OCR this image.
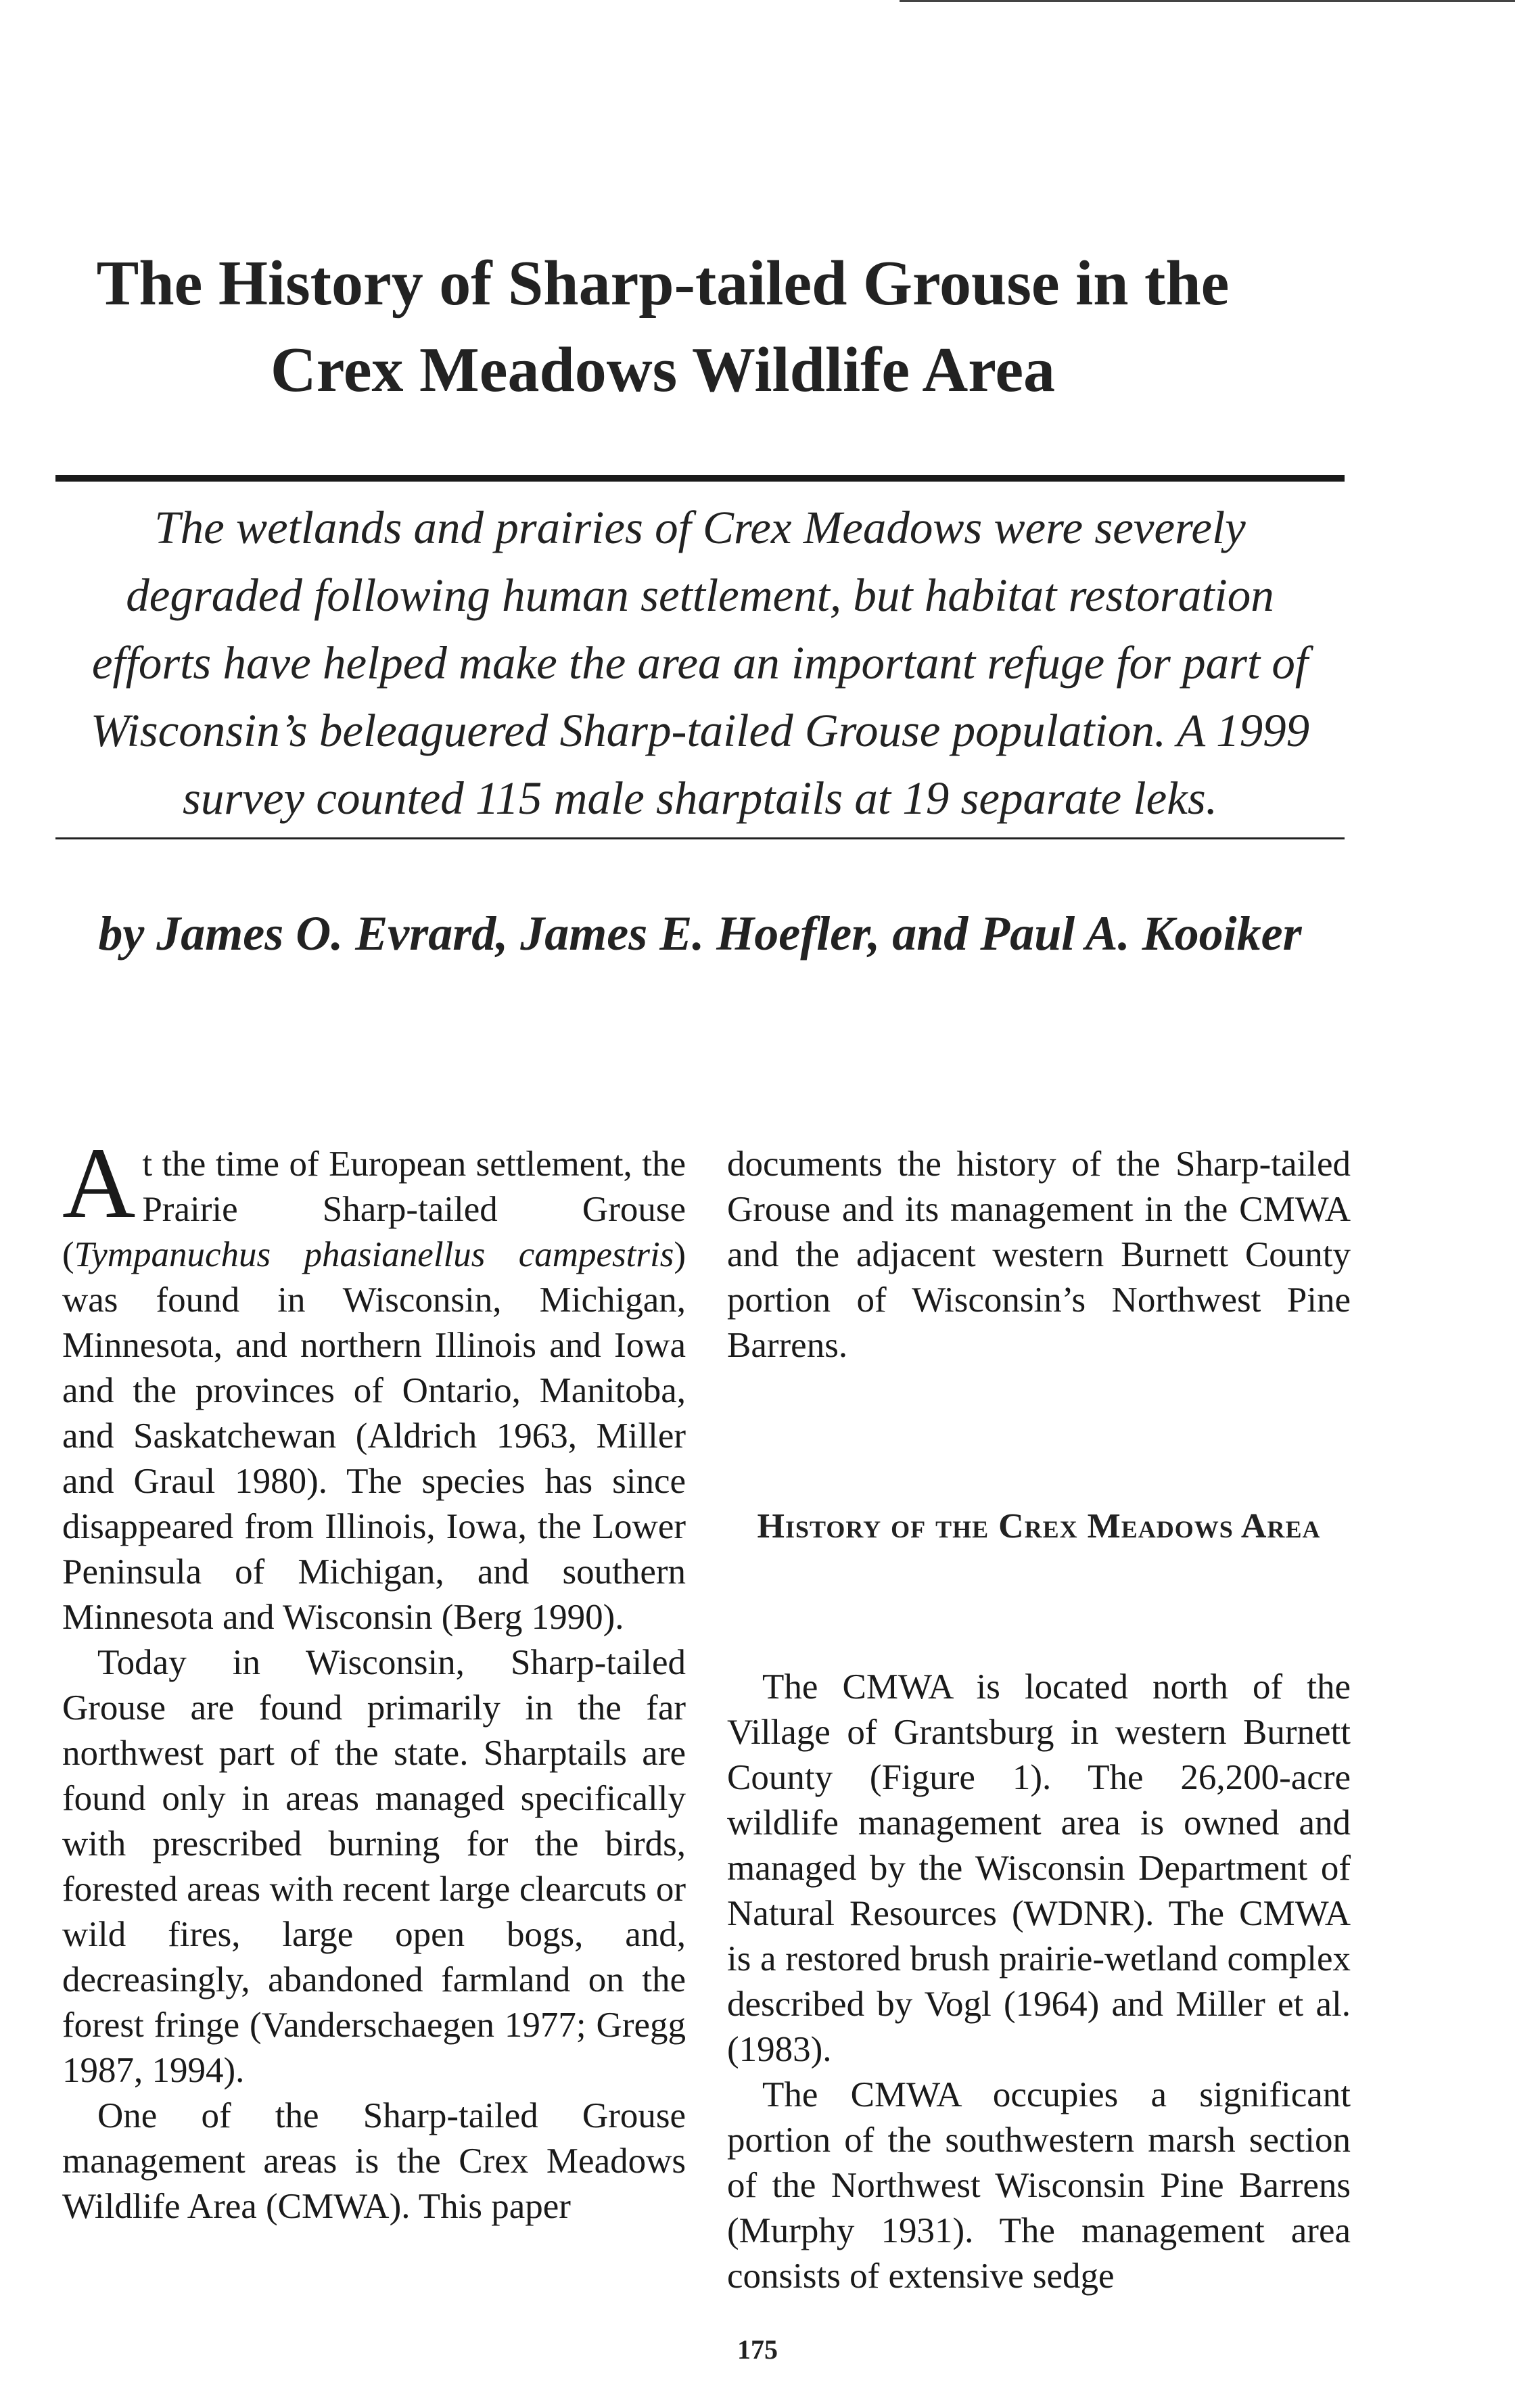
The History of Sharp-tailed Grouse in the Crex Meadows Wildlife Area
The wetlands and prairies of Crex Meadows were severely degraded following human settlement, but habitat restoration efforts have helped make the area an important refuge for part of Wisconsin’s beleaguered Sharp-tailed Grouse population. A 1999 survey counted 115 male sharptails at 19 separate leks.
by James O. Evrard, James E. Hoefler, and Paul A. Kooiker

At the time of European settlement, the Prairie Sharp-tailed Grouse (Tympanuchus phasianellus campestris) was found in Wisconsin, Michigan, Minnesota, and northern Illinois and Iowa and the provinces of Ontario, Manitoba, and Saskatchewan (Aldrich 1963, Miller and Graul 1980). The species has since disappeared from Illinois, Iowa, the Lower Peninsula of Michigan, and southern Minnesota and Wisconsin (Berg 1990).

Today in Wisconsin, Sharp-tailed Grouse are found primarily in the far northwest part of the state. Sharptails are found only in areas managed specifically with prescribed burning for the birds, forested areas with recent large clearcuts or wild fires, large open bogs, and, decreasingly, abandoned farmland on the forest fringe (Vanderschaegen 1977; Gregg 1987, 1994).

One of the Sharp-tailed Grouse management areas is the Crex Meadows Wildlife Area (CMWA). This paper

documents the history of the Sharp-tailed Grouse and its management in the CMWA and the adjacent western Burnett County portion of Wisconsin’s Northwest Pine Barrens.

History of the Crex Meadows Area

The CMWA is located north of the Village of Grantsburg in western Burnett County (Figure 1). The 26,200-acre wildlife management area is owned and managed by the Wisconsin Department of Natural Resources (WDNR). The CMWA is a restored brush prairie-wetland complex described by Vogl (1964) and Miller et al. (1983).

The CMWA occupies a significant portion of the southwestern marsh section of the Northwest Wisconsin Pine Barrens (Murphy 1931). The management area consists of extensive sedge

175
